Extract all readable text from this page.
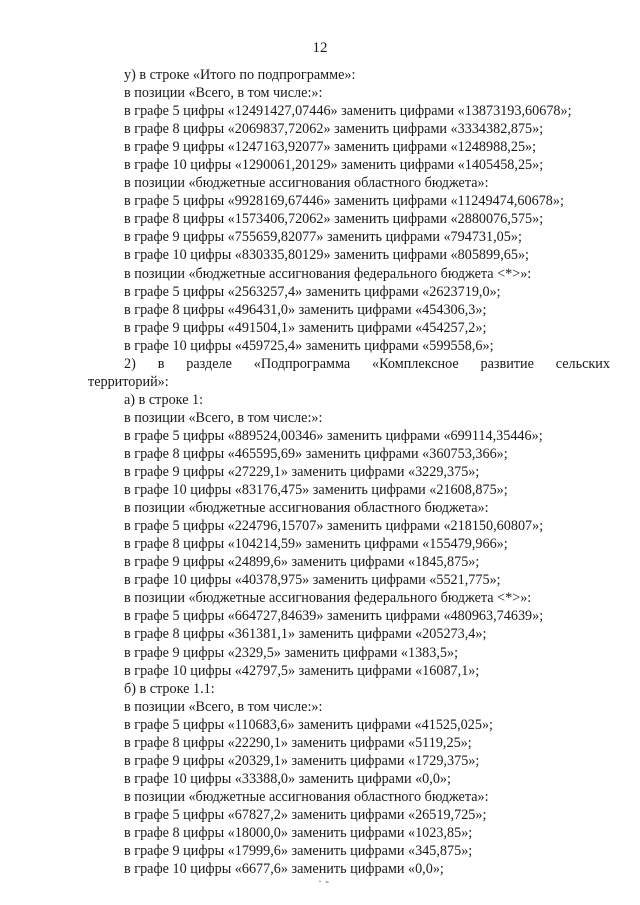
12
у) в строке «Итого по подпрограмме»:
в позиции «Всего, в том числе:»:
в графе 5 цифры «12491427,07446» заменить цифрами «13873193,60678»;
в графе 8 цифры «2069837,72062» заменить цифрами «3334382,875»;
в графе 9 цифры «1247163,92077» заменить цифрами «1248988,25»;
в графе 10 цифры «1290061,20129» заменить цифрами «1405458,25»;
в позиции «бюджетные ассигнования областного бюджета»:
в графе 5 цифры «9928169,67446» заменить цифрами «11249474,60678»;
в графе 8 цифры «1573406,72062» заменить цифрами «2880076,575»;
в графе 9 цифры «755659,82077» заменить цифрами «794731,05»;
в графе 10 цифры «830335,80129» заменить цифрами «805899,65»;
в позиции «бюджетные ассигнования федерального бюджета <*>»:
в графе 5 цифры «2563257,4» заменить цифрами «2623719,0»;
в графе 8 цифры «496431,0» заменить цифрами «454306,3»;
в графе 9 цифры «491504,1» заменить цифрами «454257,2»;
в графе 10 цифры «459725,4» заменить цифрами «599558,6»;
2) в разделе «Подпрограмма «Комплексное развитие сельских
территорий»:
а) в строке 1:
в позиции «Всего, в том числе:»:
в графе 5 цифры «889524,00346» заменить цифрами «699114,35446»;
в графе 8 цифры «465595,69» заменить цифрами «360753,366»;
в графе 9 цифры «27229,1» заменить цифрами «3229,375»;
в графе 10 цифры «83176,475» заменить цифрами «21608,875»;
в позиции «бюджетные ассигнования областного бюджета»:
в графе 5 цифры «224796,15707» заменить цифрами «218150,60807»;
в графе 8 цифры «104214,59» заменить цифрами «155479,966»;
в графе 9 цифры «24899,6» заменить цифрами «1845,875»;
в графе 10 цифры «40378,975» заменить цифрами «5521,775»;
в позиции «бюджетные ассигнования федерального бюджета <*>»:
в графе 5 цифры «664727,84639» заменить цифрами «480963,74639»;
в графе 8 цифры «361381,1» заменить цифрами «205273,4»;
в графе 9 цифры «2329,5» заменить цифрами «1383,5»;
в графе 10 цифры «42797,5» заменить цифрами «16087,1»;
б) в строке 1.1:
в позиции «Всего, в том числе:»:
в графе 5 цифры «110683,6» заменить цифрами «41525,025»;
в графе 8 цифры «22290,1» заменить цифрами «5119,25»;
в графе 9 цифры «20329,1» заменить цифрами «1729,375»;
в графе 10 цифры «33388,0» заменить цифрами «0,0»;
в позиции «бюджетные ассигнования областного бюджета»:
в графе 5 цифры «67827,2» заменить цифрами «26519,725»;
в графе 8 цифры «18000,0» заменить цифрами «1023,85»;
в графе 9 цифры «17999,6» заменить цифрами «345,875»;
в графе 10 цифры «6677,6» заменить цифрами «0,0»;
· -
